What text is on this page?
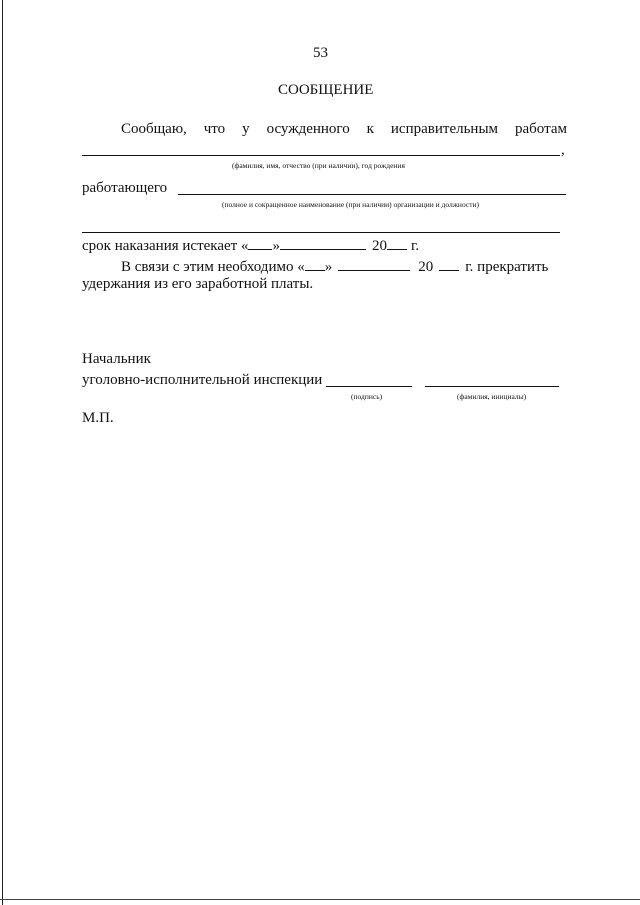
53
СООБЩЕНИЕ
Сообщаю, что у осужденного к исправительным работам
,
(фамилия, имя, отчество (при наличии), год рождения
работающего
(полное и сокращенное наименование (при наличии) организации и должности)
срок наказания истекает « »	20 г.
В связи с этим необходимо « »	20 г. прекратить
удержания из его заработной платы.
Начальник
уголовно-исполнительной инспекции
(подпись)	(фамилия, инициалы)
М.П.
